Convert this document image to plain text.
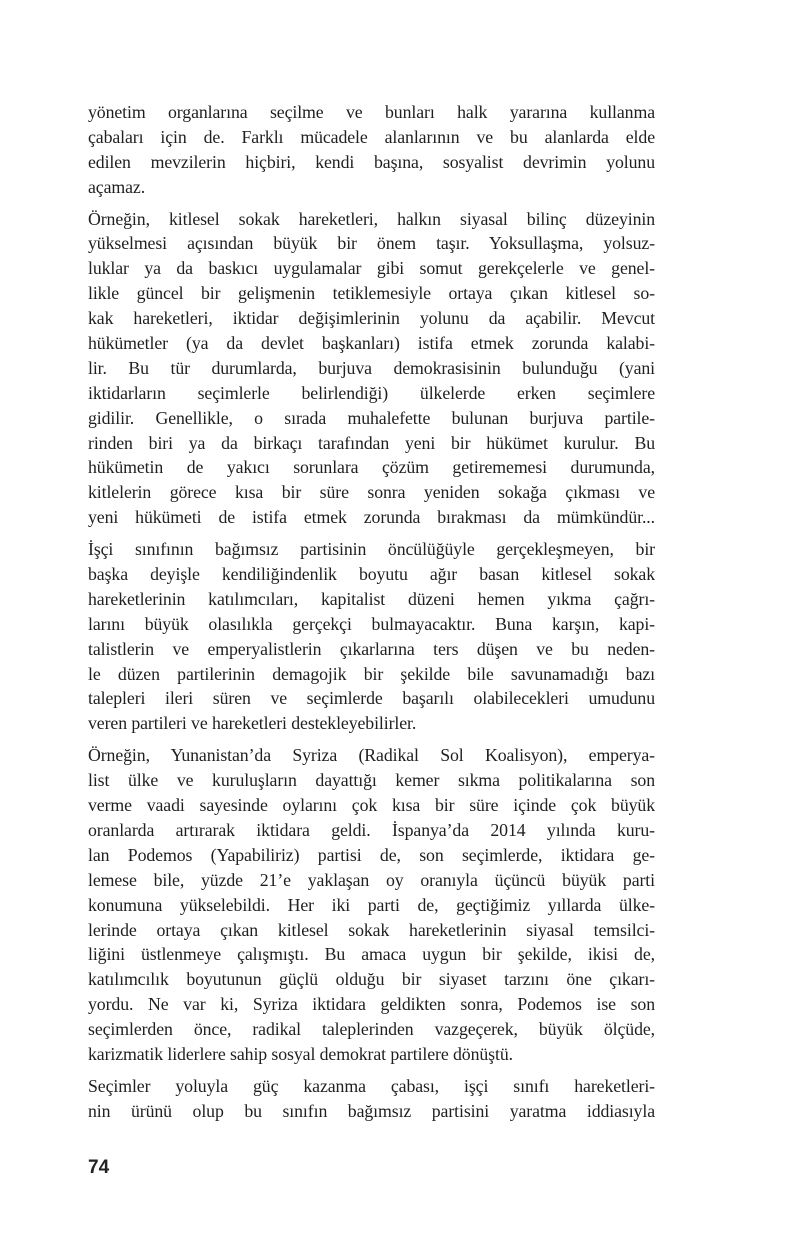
yönetim organlarına seçilme ve bunları halk yararına kullanma
çabaları için de. Farklı mücadele alanlarının ve bu alanlarda elde
edilen mevzilerin hiçbiri, kendi başına, sosyalist devrimin yolunu
açamaz.

Örneğin, kitlesel sokak hareketleri, halkın siyasal bilinç düzeyinin
yükselmesi açısından büyük bir önem taşır. Yoksullaşma, yolsuz-
luklar ya da baskıcı uygulamalar gibi somut gerekçelerle ve genel-
likle güncel bir gelişmenin tetiklemesiyle ortaya çıkan kitlesel so-
kak hareketleri, iktidar değişimlerinin yolunu da açabilir. Mevcut
hükümetler (ya da devlet başkanları) istifa etmek zorunda kalabi-
lir. Bu tür durumlarda, burjuva demokrasisinin bulunduğu (yani
iktidarların seçimlerle belirlendiği) ülkelerde erken seçimlere
gidilir. Genellikle, o sırada muhalefette bulunan burjuva partile-
rinden biri ya da birkaçı tarafından yeni bir hükümet kurulur. Bu
hükümetin de yakıcı sorunlara çözüm getirememesi durumunda,
kitlelerin görece kısa bir süre sonra yeniden sokağa çıkması ve
yeni hükümeti de istifa etmek zorunda bırakması da mümkündür...

İşçi sınıfının bağımsız partisinin öncülüğüyle gerçekleşmeyen, bir
başka deyişle kendiliğindenlik boyutu ağır basan kitlesel sokak
hareketlerinin katılımcıları, kapitalist düzeni hemen yıkma çağrı-
larını büyük olasılıkla gerçekçi bulmayacaktır. Buna karşın, kapi-
talistlerin ve emperyalistlerin çıkarlarına ters düşen ve bu neden-
le düzen partilerinin demagojik bir şekilde bile savunamadığı bazı
talepleri ileri süren ve seçimlerde başarılı olabilecekleri umudunu
veren partileri ve hareketleri destekleyebilirler.

Örneğin, Yunanistan’da Syriza (Radikal Sol Koalisyon), emperya-
list ülke ve kuruluşların dayattığı kemer sıkma politikalarına son
verme vaadi sayesinde oylarını çok kısa bir süre içinde çok büyük
oranlarda artırarak iktidara geldi. İspanya’da 2014 yılında kuru-
lan Podemos (Yapabiliriz) partisi de, son seçimlerde, iktidara ge-
lemese bile, yüzde 21’e yaklaşan oy oranıyla üçüncü büyük parti
konumuna yükselebildi. Her iki parti de, geçtiğimiz yıllarda ülke-
lerinde ortaya çıkan kitlesel sokak hareketlerinin siyasal temsilci-
liğini üstlenmeye çalışmıştı. Bu amaca uygun bir şekilde, ikisi de,
katılımcılık boyutunun güçlü olduğu bir siyaset tarzını öne çıkarı-
yordu. Ne var ki, Syriza iktidara geldikten sonra, Podemos ise son
seçimlerden önce, radikal taleplerinden vazgeçerek, büyük ölçüde,
karizmatik liderlere sahip sosyal demokrat partilere dönüştü.

Seçimler yoluyla güç kazanma çabası, işçi sınıfı hareketleri-
nin ürünü olup bu sınıfın bağımsız partisini yaratma iddiasıyla

74
